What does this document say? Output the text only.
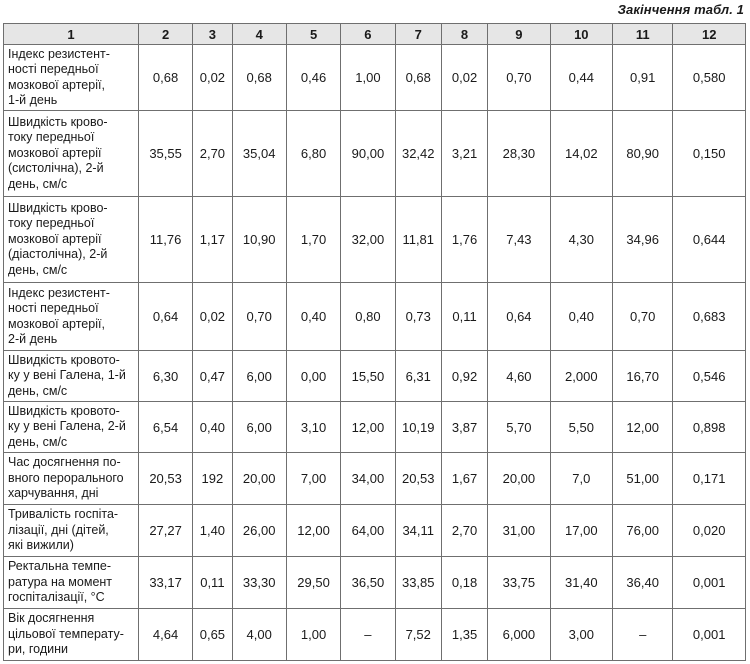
Закінчення табл. 1
1	2	3	4	5	6	7	8	9	10	11	12
Індекс резистент-
ності передньої
мозкової артерії,
1-й день	0,68	0,02	0,68	0,46	1,00	0,68	0,02	0,70	0,44	0,91	0,580
Швидкість крово-
току передньої
мозкової артерії
(систолічна), 2-й
день, см/с	35,55	2,70	35,04	6,80	90,00	32,42	3,21	28,30	14,02	80,90	0,150
Швидкість крово-
току передньої
мозкової артерії
(діастолічна), 2-й
день, см/с	11,76	1,17	10,90	1,70	32,00	11,81	1,76	7,43	4,30	34,96	0,644
Індекс резистент-
ності передньої
мозкової артерії,
2-й день	0,64	0,02	0,70	0,40	0,80	0,73	0,11	0,64	0,40	0,70	0,683
Швидкість кровото-
ку у вені Галена, 1-й
день, см/с	6,30	0,47	6,00	0,00	15,50	6,31	0,92	4,60	2,000	16,70	0,546
Швидкість кровото-
ку у вені Галена, 2-й
день, см/с	6,54	0,40	6,00	3,10	12,00	10,19	3,87	5,70	5,50	12,00	0,898
Час досягнення по-
вного перорального
харчування, дні	20,53	192	20,00	7,00	34,00	20,53	1,67	20,00	7,0	51,00	0,171
Тривалість госпіта-
лізації, дні (дітей,
які вижили)	27,27	1,40	26,00	12,00	64,00	34,11	2,70	31,00	17,00	76,00	0,020
Ректальна темпе-
ратура на момент
госпіталізації, °С	33,17	0,11	33,30	29,50	36,50	33,85	0,18	33,75	31,40	36,40	0,001
Вік досягнення
цільової температу-
ри, години	4,64	0,65	4,00	1,00	–	7,52	1,35	6,000	3,00	–	0,001
